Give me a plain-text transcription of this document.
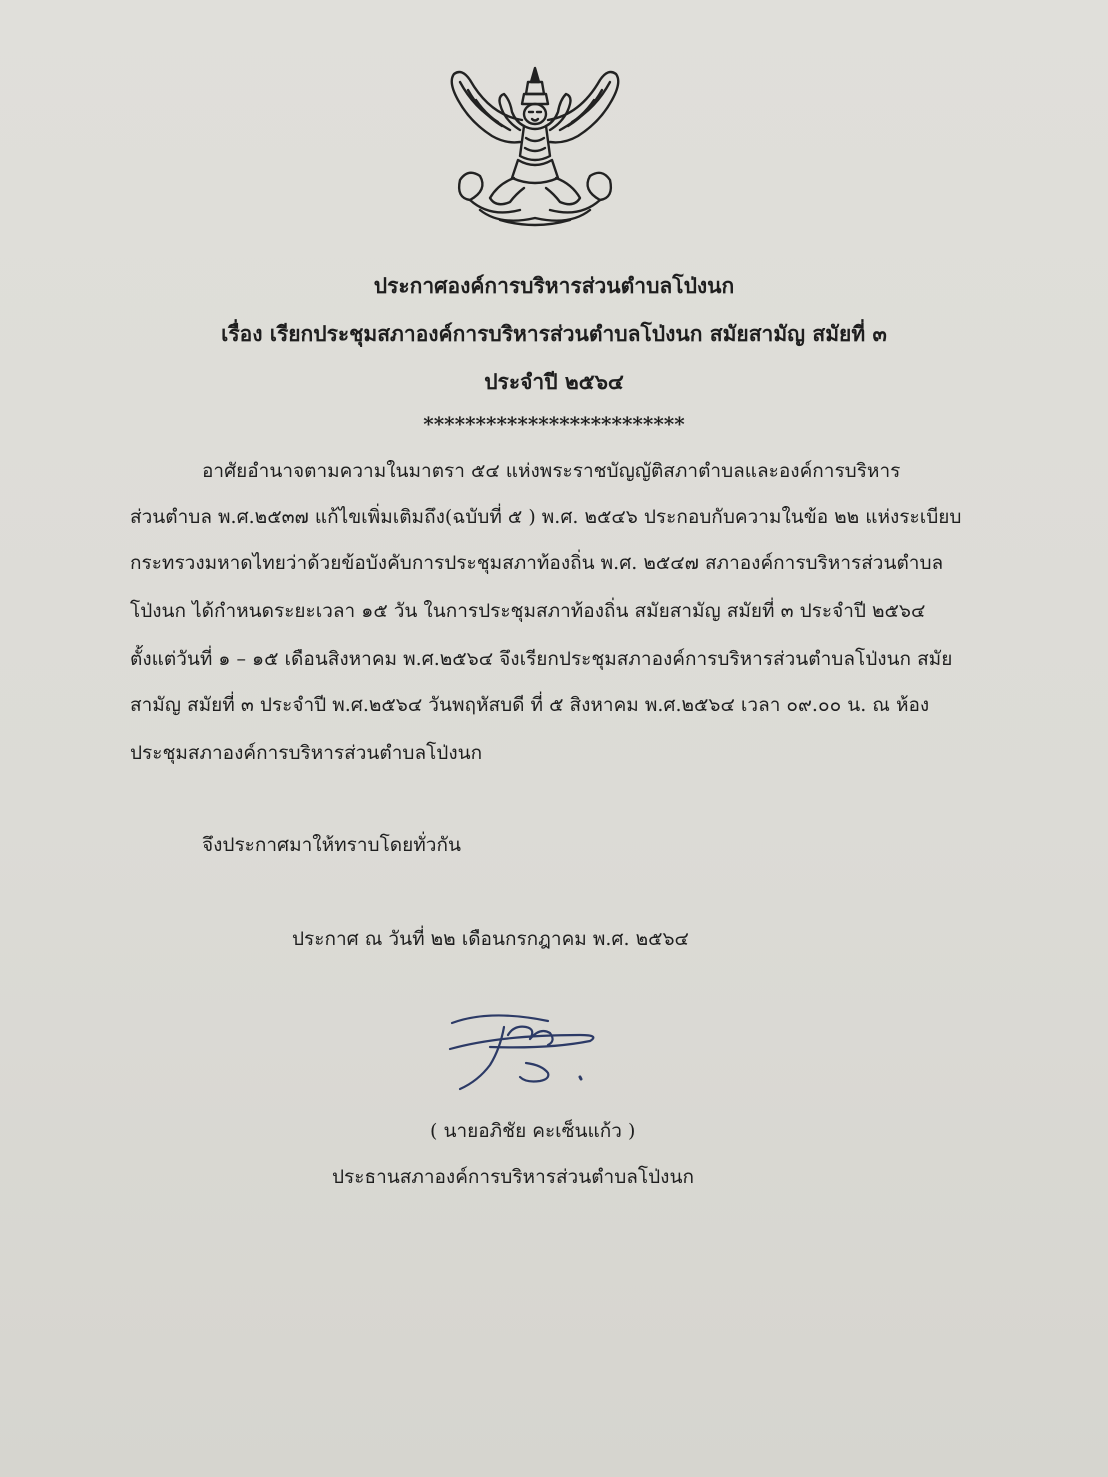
ประกาศองค์การบริหารส่วนตำบลโป่งนก
เรื่อง เรียกประชุมสภาองค์การบริหารส่วนตำบลโป่งนก สมัยสามัญ สมัยที่ ๓
ประจำปี ๒๕๖๔
*************************
อาศัยอำนาจตามความในมาตรา ๕๔ แห่งพระราชบัญญัติสภาตำบลและองค์การบริหาร
ส่วนตำบล พ.ศ.๒๕๓๗ แก้ไขเพิ่มเติมถึง(ฉบับที่ ๕ ) พ.ศ. ๒๕๔๖ ประกอบกับความในข้อ ๒๒ แห่งระเบียบ
กระทรวงมหาดไทยว่าด้วยข้อบังคับการประชุมสภาท้องถิ่น พ.ศ. ๒๕๔๗ สภาองค์การบริหารส่วนตำบล
โป่งนก ได้กำหนดระยะเวลา ๑๕ วัน ในการประชุมสภาท้องถิ่น สมัยสามัญ สมัยที่ ๓ ประจำปี ๒๕๖๔
ตั้งแต่วันที่ ๑ – ๑๕ เดือนสิงหาคม พ.ศ.๒๕๖๔ จึงเรียกประชุมสภาองค์การบริหารส่วนตำบลโป่งนก สมัย
สามัญ สมัยที่ ๓ ประจำปี พ.ศ.๒๕๖๔ วันพฤหัสบดี ที่ ๕ สิงหาคม พ.ศ.๒๕๖๔ เวลา ๐๙.๐๐ น. ณ ห้อง
ประชุมสภาองค์การบริหารส่วนตำบลโป่งนก
จึงประกาศมาให้ทราบโดยทั่วกัน
ประกาศ ณ วันที่ ๒๒ เดือนกรกฎาคม พ.ศ. ๒๕๖๔
( นายอภิชัย คะเซ็นแก้ว )
ประธานสภาองค์การบริหารส่วนตำบลโป่งนก
